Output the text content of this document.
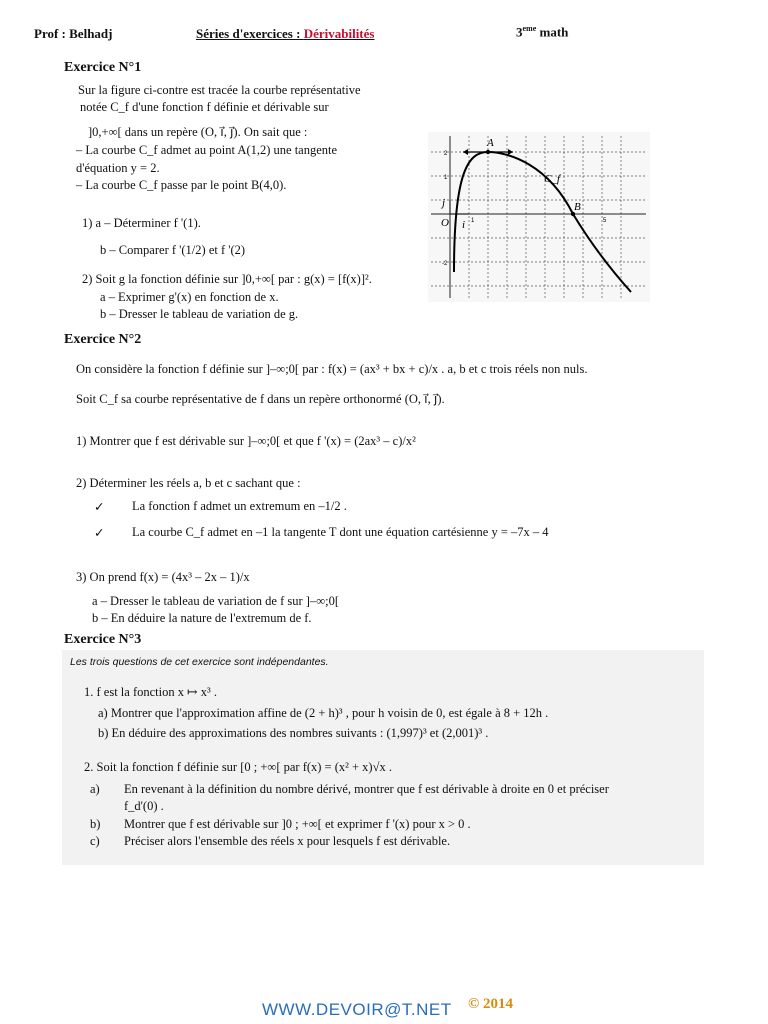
Prof : Belhadj	Séries d'exercices : Dérivabilités	3eme math
Exercice N°1
Sur la figure ci-contre est tracée la courbe représentative
notée C_f d'une fonction f définie et dérivable sur
]0,+∞[ dans un repère (O, i⃗, j⃗). On sait que :
– La courbe C_f admet au point A(1,2) une tangente
d'équation y = 2.
– La courbe C_f passe par le point B(4,0).
1) a – Déterminer f '(1).
b – Comparer f '(1/2) et f '(2)
2) Soit g la fonction définie sur ]0,+∞[ par : g(x) = [f(x)]².
a – Exprimer g'(x) en fonction de x.
b – Dresser le tableau de variation de g.
A
B
C_f
O i
j
2
1
-2
1	5
Exercice N°2
On considère la fonction f définie sur ]–∞;0[ par : f(x) = (ax³ + bx + c)/x . a, b et c trois réels non nuls.
Soit C_f sa courbe représentative de f dans un repère orthonormé (O, i⃗, j⃗).
1) Montrer que f est dérivable sur ]–∞;0[ et que f '(x) = (2ax³ – c)/x²
2) Déterminer les réels a, b et c sachant que :
✓ La fonction f admet un extremum en –1/2 .
✓ La courbe C_f admet en –1 la tangente T dont une équation cartésienne y = –7x – 4
3) On prend f(x) = (4x³ – 2x – 1)/x
a – Dresser le tableau de variation de f sur ]–∞;0[
b – En déduire la nature de l'extremum de f.
Exercice N°3
Les trois questions de cet exercice sont indépendantes.
1. f est la fonction x ↦ x³ .
a) Montrer que l'approximation affine de (2 + h)³ , pour h voisin de 0, est égale à 8 + 12h .
b) En déduire des approximations des nombres suivants : (1,997)³ et (2,001)³ .
2. Soit la fonction f définie sur [0 ; +∞[ par f(x) = (x² + x)√x .
a) En revenant à la définition du nombre dérivé, montrer que f est dérivable à droite en 0 et préciser
f_d'(0) .
b) Montrer que f est dérivable sur ]0 ; +∞[ et exprimer f '(x) pour x > 0 .
c) Préciser alors l'ensemble des réels x pour lesquels f est dérivable.
WWW.DEVOIR@T.NET © 2014
